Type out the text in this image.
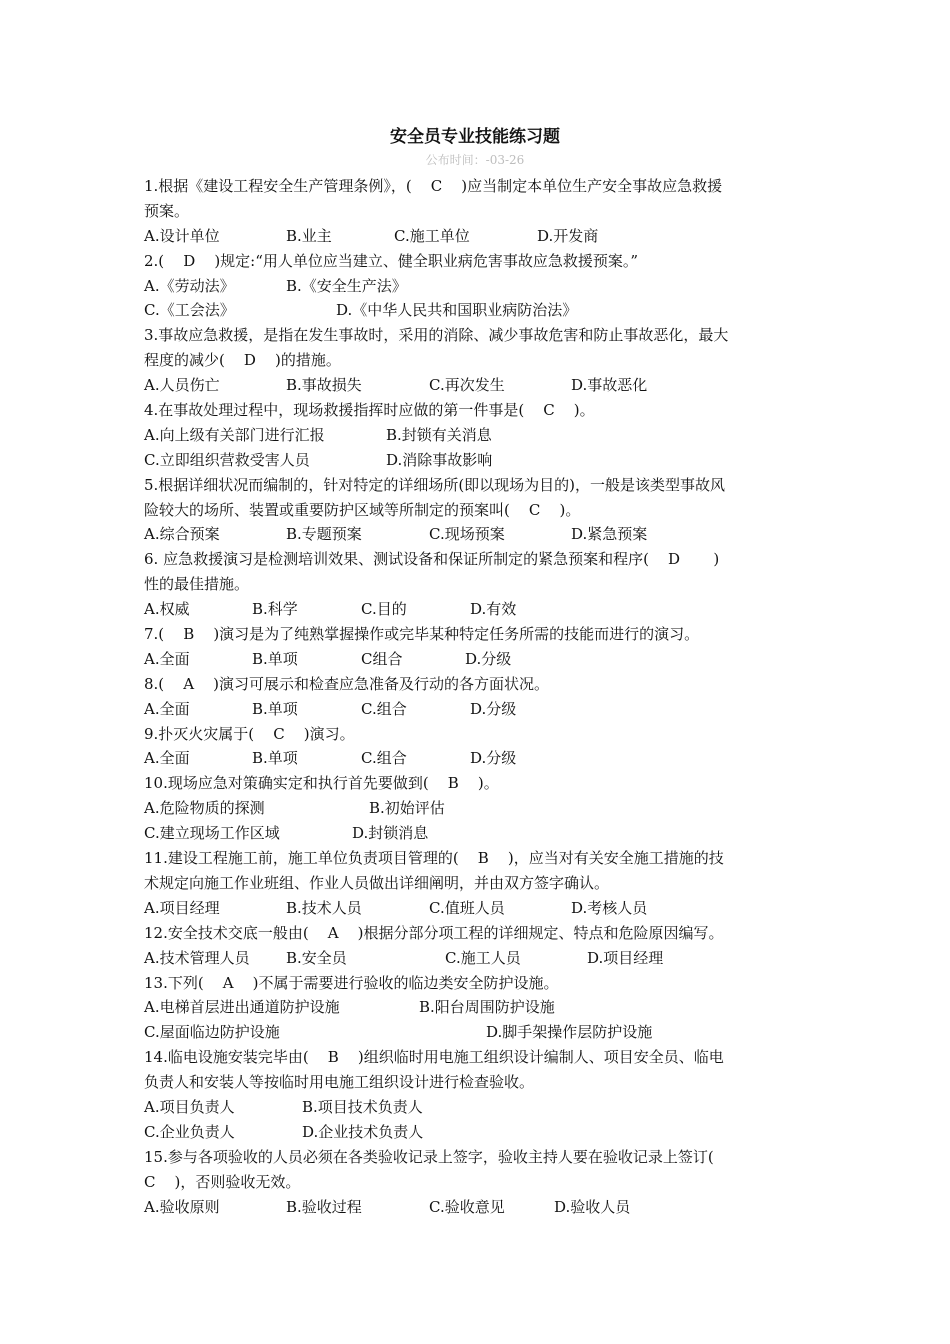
安全员专业技能练习题
公布时间：-03-26
1.根据《建设工程安全生产管理条例》，(    C    )应当制定本单位生产安全事故应急救援
预案。
A.设计单位	B.业主	C.施工单位	D.开发商
2.(    D    )规定:“用人单位应当建立、健全职业病危害事故应急救援预案。”
A.《劳动法》	B.《安全生产法》
C.《工会法》	D.《中华人民共和国职业病防治法》
3.事故应急救援，是指在发生事故时，采用的消除、减少事故危害和防止事故恶化，最大
程度的减少(    D    )的措施。
A.人员伤亡	B.事故损失	C.再次发生	D.事故恶化
4.在事故处理过程中，现场救援指挥时应做的第一件事是(    C    )。
A.向上级有关部门进行汇报	B.封锁有关消息
C.立即组织营救受害人员	D.消除事故影响
5.根据详细状况而编制的，针对特定的详细场所(即以现场为目的)，一般是该类型事故风
险较大的场所、装置或重要防护区域等所制定的预案叫(    C    )。
A.综合预案	B.专题预案	C.现场预案	D.紧急预案
6. 应急救援演习是检测培训效果、测试设备和保证所制定的紧急预案和程序(    D       )
性的最佳措施。
A.权威	B.科学	C.目的	D.有效
7.(    B    )演习是为了纯熟掌握操作或完毕某种特定任务所需的技能而进行的演习。
A.全面	B.单项	C组合	D.分级
8.(    A    )演习可展示和检查应急准备及行动的各方面状况。
A.全面	B.单项	C.组合	D.分级
9.扑灭火灾属于(    C    )演习。
A.全面	B.单项	C.组合	D.分级
10.现场应急对策确实定和执行首先要做到(    B    )。
A.危险物质的探测	B.初始评估
C.建立现场工作区域	D.封锁消息
11.建设工程施工前，施工单位负责项目管理的(    B    )，应当对有关安全施工措施的技
术规定向施工作业班组、作业人员做出详细阐明，并由双方签字确认。
A.项目经理	B.技术人员	C.值班人员	D.考核人员
12.安全技术交底一般由(    A    )根据分部分项工程的详细规定、特点和危险原因编写。
A.技术管理人员 B.安全员	C.施工人员	D.项目经理
13.下列(    A    )不属于需要进行验收的临边类安全防护设施。
A.电梯首层进出通道防护设施	B.阳台周围防护设施
C.屋面临边防护设施	D.脚手架操作层防护设施
14.临电设施安装完毕由(    B    )组织临时用电施工组织设计编制人、项目安全员、临电
负责人和安装人等按临时用电施工组织设计进行检查验收。
A.项目负责人	B.项目技术负责人
C.企业负责人	D.企业技术负责人
15.参与各项验收的人员必须在各类验收记录上签字，验收主持人要在验收记录上签订(
C    )，否则验收无效。
A.验收原则	B.验收过程	C.验收意见	D.验收人员
